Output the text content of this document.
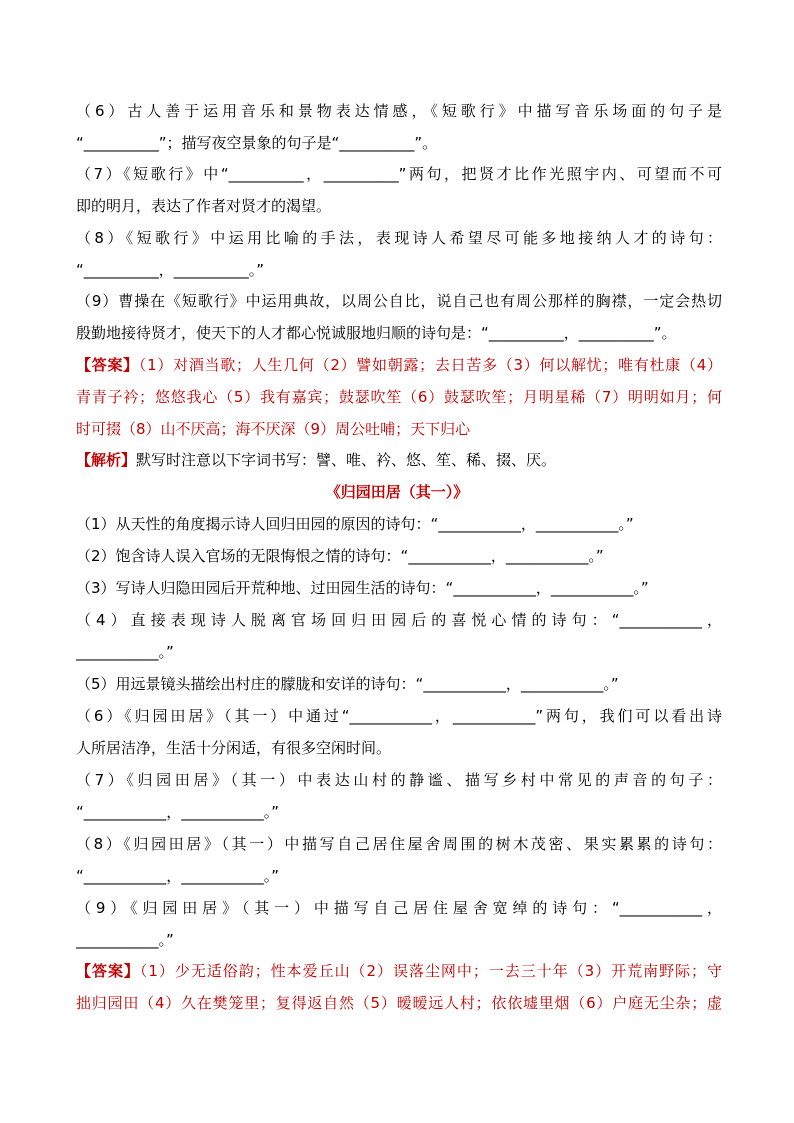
（6）古人善于运用音乐和景物表达情感，《短歌行》中描写音乐场面的句子是
“__________”；描写夜空景象的句子是“__________”。
（7）《短歌行》中“__________，__________”两句，把贤才比作光照宇内、可望而不可
即的明月，表达了作者对贤才的渴望。
（8）《短歌行》中运用比喻的手法，表现诗人希望尽可能多地接纳人才的诗句：
“__________，__________。”
（9）曹操在《短歌行》中运用典故，以周公自比，说自己也有周公那样的胸襟，一定会热切
殷勤地接待贤才，使天下的人才都心悦诚服地归顺的诗句是：“__________，__________”。
【答案】（1）对酒当歌；人生几何（2）譬如朝露；去日苦多（3）何以解忧；唯有杜康（4）
青青子衿；悠悠我心（5）我有嘉宾；鼓瑟吹笙（6）鼓瑟吹笙；月明星稀（7）明明如月；何
时可掇（8）山不厌高；海不厌深（9）周公吐哺；天下归心
【解析】默写时注意以下字词书写：譬、唯、衿、悠、笙、稀、掇、厌。
《归园田居（其一）》
（1）从天性的角度揭示诗人回归田园的原因的诗句：“___________，___________。”
（2）饱含诗人误入官场的无限悔恨之情的诗句：“___________，___________。”
（3）写诗人归隐田园后开荒种地、过田园生活的诗句：“___________，___________。”
（4）直接表现诗人脱离官场回归田园后的喜悦心情的诗句：“___________，
___________。”
（5）用远景镜头描绘出村庄的朦胧和安详的诗句：“___________，___________。”
（6）《归园田居》（其一）中通过“___________，___________”两句，我们可以看出诗
人所居洁净，生活十分闲适，有很多空闲时间。
（7）《归园田居》（其一）中表达山村的静谧、描写乡村中常见的声音的句子：
“___________，___________。”
（8）《归园田居》（其一）中描写自己居住屋舍周围的树木茂密、果实累累的诗句：
“___________，___________。”
（9）《归园田居》（其一）中描写自己居住屋舍宽绰的诗句：“___________，
___________。”
【答案】（1）少无适俗韵；性本爱丘山（2）误落尘网中；一去三十年（3）开荒南野际；守
拙归园田（4）久在樊笼里；复得返自然（5）暧暧远人村；依依墟里烟（6）户庭无尘杂；虚
